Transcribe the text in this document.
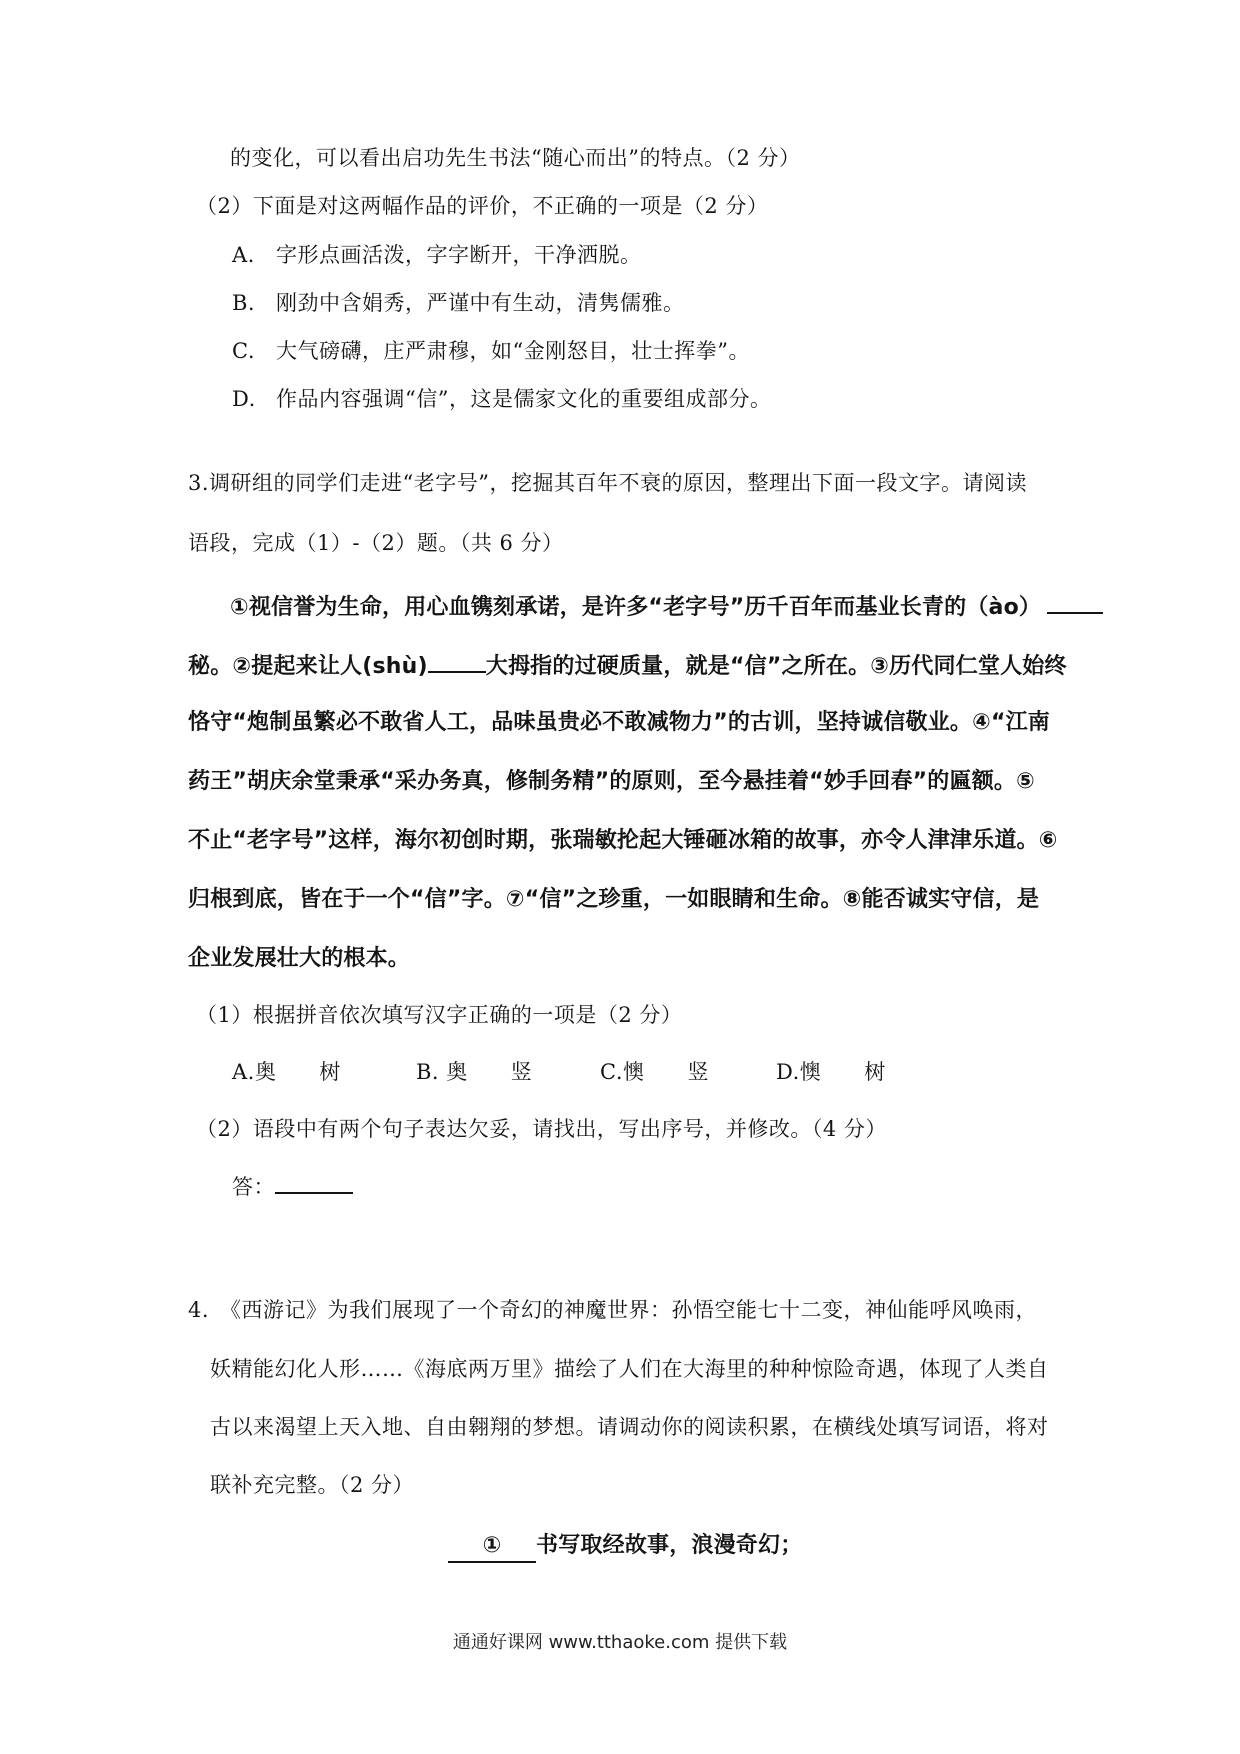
的变化，可以看出启功先生书法“随心而出”的特点。（2 分）
（2）下面是对这两幅作品的评价，不正确的一项是（2 分）
A. 字形点画活泼，字字断开，干净洒脱。
B. 刚劲中含娟秀，严谨中有生动，清隽儒雅。
C. 大气磅礴，庄严肃穆，如“金刚怒目，壮士挥拳”。
D. 作品内容强调“信”，这是儒家文化的重要组成部分。
3.调研组的同学们走进“老字号”，挖掘其百年不衰的原因，整理出下面一段文字。请阅读
语段，完成（1）-（2）题。（共 6 分）
①视信誉为生命，用心血镌刻承诺，是许多“老字号”历千百年而基业长青的（ào）
秘。②提起来让人(shù)	大拇指的过硬质量，就是“信”之所在。③历代同仁堂人始终
恪守“炮制虽繁必不敢省人工，品味虽贵必不敢减物力”的古训，坚持诚信敬业。④“江南
药王”胡庆余堂秉承“采办务真，修制务精”的原则，至今悬挂着“妙手回春”的匾额。⑤
不止“老字号”这样，海尔初创时期，张瑞敏抡起大锤砸冰箱的故事，亦令人津津乐道。⑥
归根到底，皆在于一个“信”字。⑦“信”之珍重，一如眼睛和生命。⑧能否诚实守信，是
企业发展壮大的根本。
（1）根据拼音依次填写汉字正确的一项是（2 分）
A.奥　　树	B. 奥　　竖	C.懊　　竖	D.懊　　树
（2）语段中有两个句子表达欠妥，请找出，写出序号，并修改。（4 分）
答：
4.　《西游记》为我们展现了一个奇幻的神魔世界：孙悟空能七十二变，神仙能呼风唤雨，
妖精能幻化人形……《海底两万里》描绘了人们在大海里的种种惊险奇遇，体现了人类自
古以来渴望上天入地、自由翱翔的梦想。请调动你的阅读积累，在横线处填写词语，将对
联补充完整。（2 分）
① 书写取经故事，浪漫奇幻；
通通好课网 www.tthaoke.com 提供下载
